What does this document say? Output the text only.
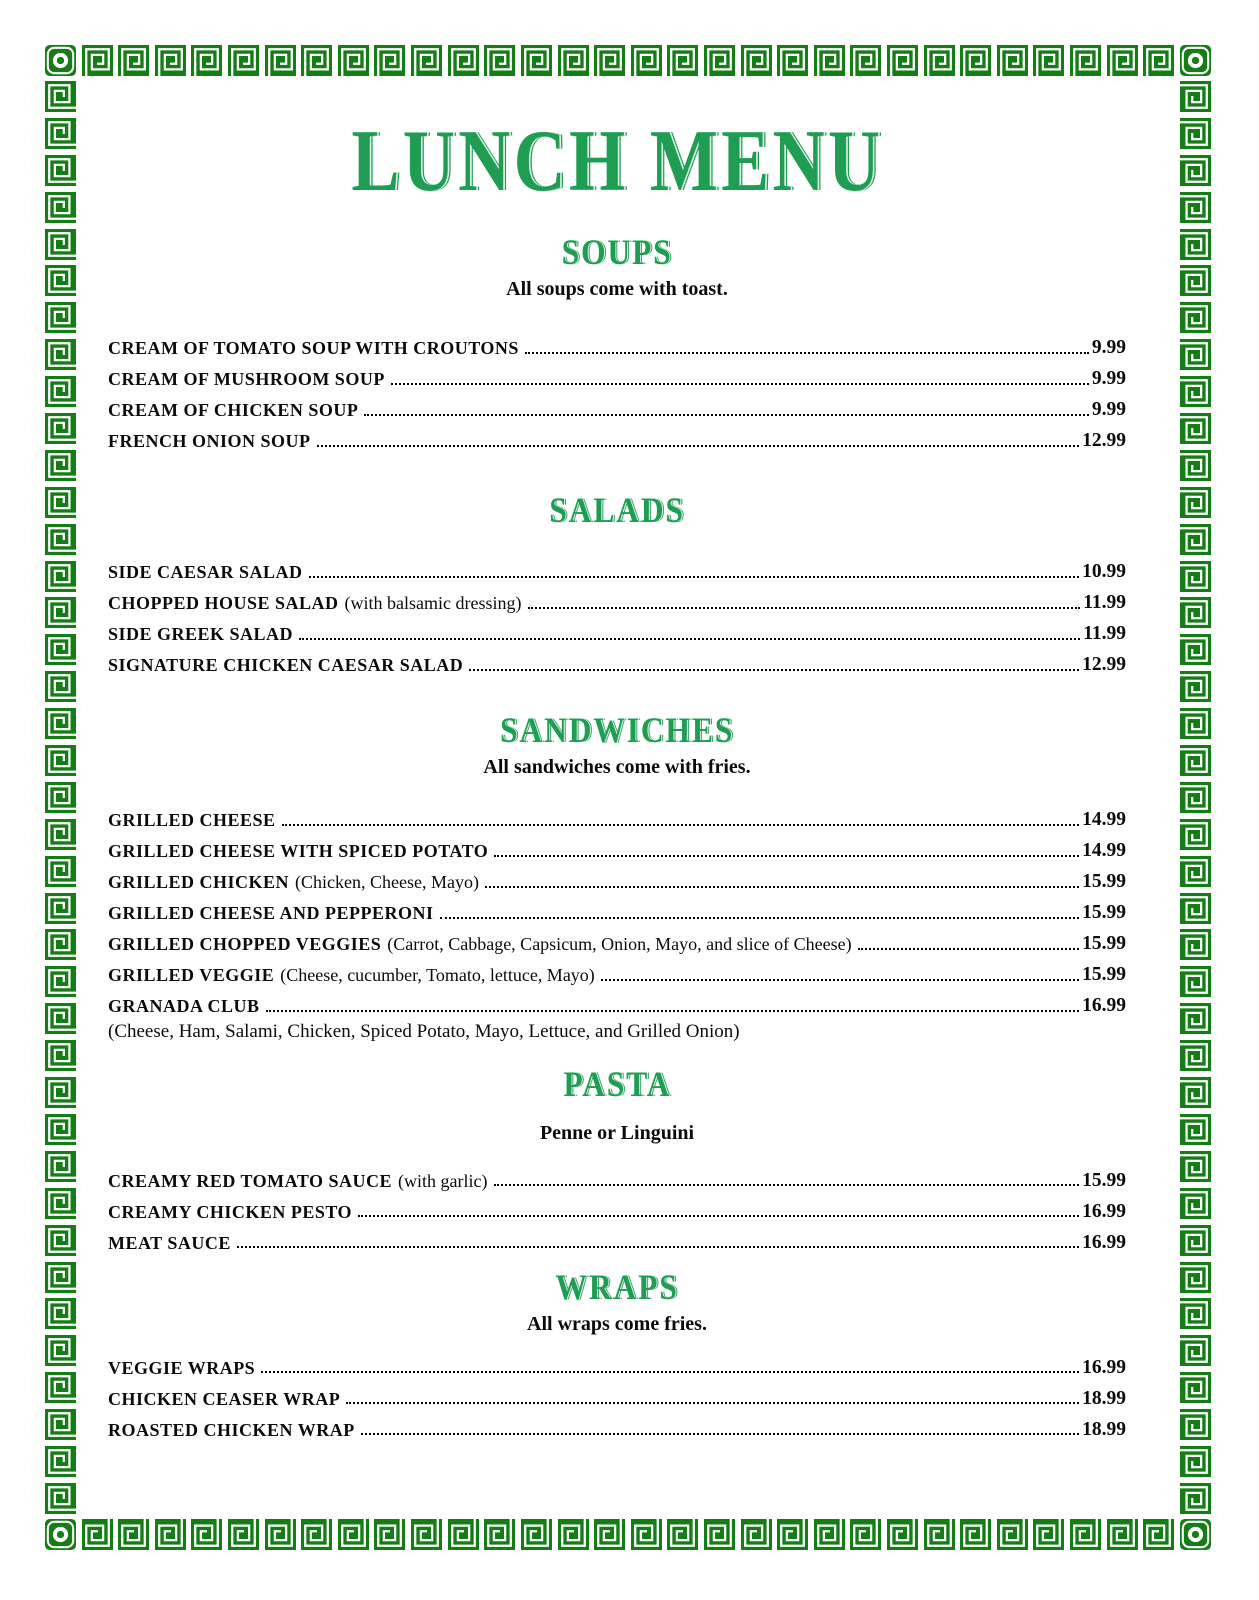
LUNCH MENU
SOUPS

All soups come with toast.

CREAM OF TOMATO SOUP WITH CROUTONS	9.99
CREAM OF MUSHROOM SOUP	9.99
CREAM OF CHICKEN SOUP	9.99
FRENCH ONION SOUP	12.99
SALADS
SIDE CAESAR SALAD	10.99
CHOPPED HOUSE SALAD (with balsamic dressing)	11.99
SIDE GREEK SALAD	11.99
SIGNATURE CHICKEN CAESAR SALAD	12.99
SANDWICHES

All sandwiches come with fries.

GRILLED CHEESE	14.99
GRILLED CHEESE WITH SPICED POTATO	14.99
GRILLED CHICKEN (Chicken, Cheese, Mayo)	15.99
GRILLED CHEESE AND PEPPERONI	15.99
GRILLED CHOPPED VEGGIES (Carrot, Cabbage, Capsicum, Onion, Mayo, and slice of Cheese)	15.99
GRILLED VEGGIE (Cheese, cucumber, Tomato, lettuce, Mayo)	15.99
GRANADA CLUB	16.99

(Cheese, Ham, Salami, Chicken, Spiced Potato, Mayo, Lettuce, and Grilled Onion)

PASTA

Penne or Linguini

CREAMY RED TOMATO SAUCE (with garlic)	15.99
CREAMY CHICKEN PESTO	16.99
MEAT SAUCE	16.99
WRAPS

All wraps come fries.

VEGGIE WRAPS	16.99
CHICKEN CEASER WRAP	18.99
ROASTED CHICKEN WRAP	18.99
